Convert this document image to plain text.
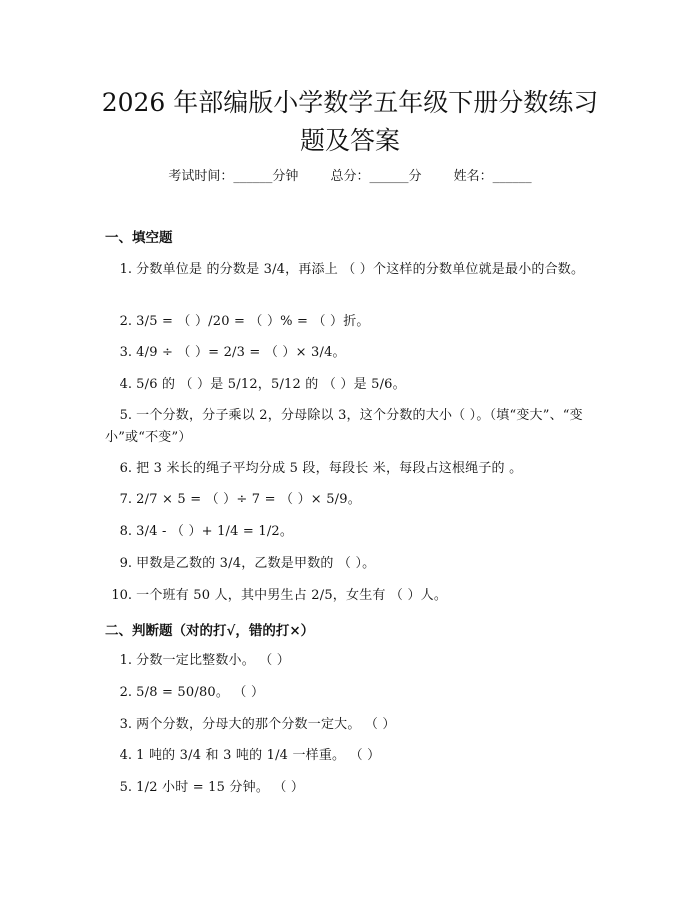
2026 年部编版小学数学五年级下册分数练习
题及答案
考试时间：______分钟 总分：______分 姓名：______
一、填空题
1. 分数单位是 的分数是 3/4，再添上 （ ）个这样的分数单位就是最小的合数。
2. 3/5 = （ ）/20 = （ ）% = （ ）折。
3. 4/9 ÷ （ ）= 2/3 = （ ）× 3/4。
4. 5/6 的 （ ）是 5/12，5/12 的 （ ）是 5/6。
5. 一个分数，分子乘以 2，分母除以 3，这个分数的大小（ ）。（填“变大”、“变小”或“不变”）
6. 把 3 米长的绳子平均分成 5 段，每段长 米，每段占这根绳子的 。
7. 2/7 × 5 = （ ）÷ 7 = （ ）× 5/9。
8. 3/4 - （ ）+ 1/4 = 1/2。
9. 甲数是乙数的 3/4，乙数是甲数的 （ ）。
10. 一个班有 50 人，其中男生占 2/5，女生有 （ ）人。
二、判断题（对的打√，错的打×）
1. 分数一定比整数小。 （ ）
2. 5/8 = 50/80。 （ ）
3. 两个分数，分母大的那个分数一定大。 （ ）
4. 1 吨的 3/4 和 3 吨的 1/4 一样重。 （ ）
5. 1/2 小时 = 15 分钟。 （ ）
